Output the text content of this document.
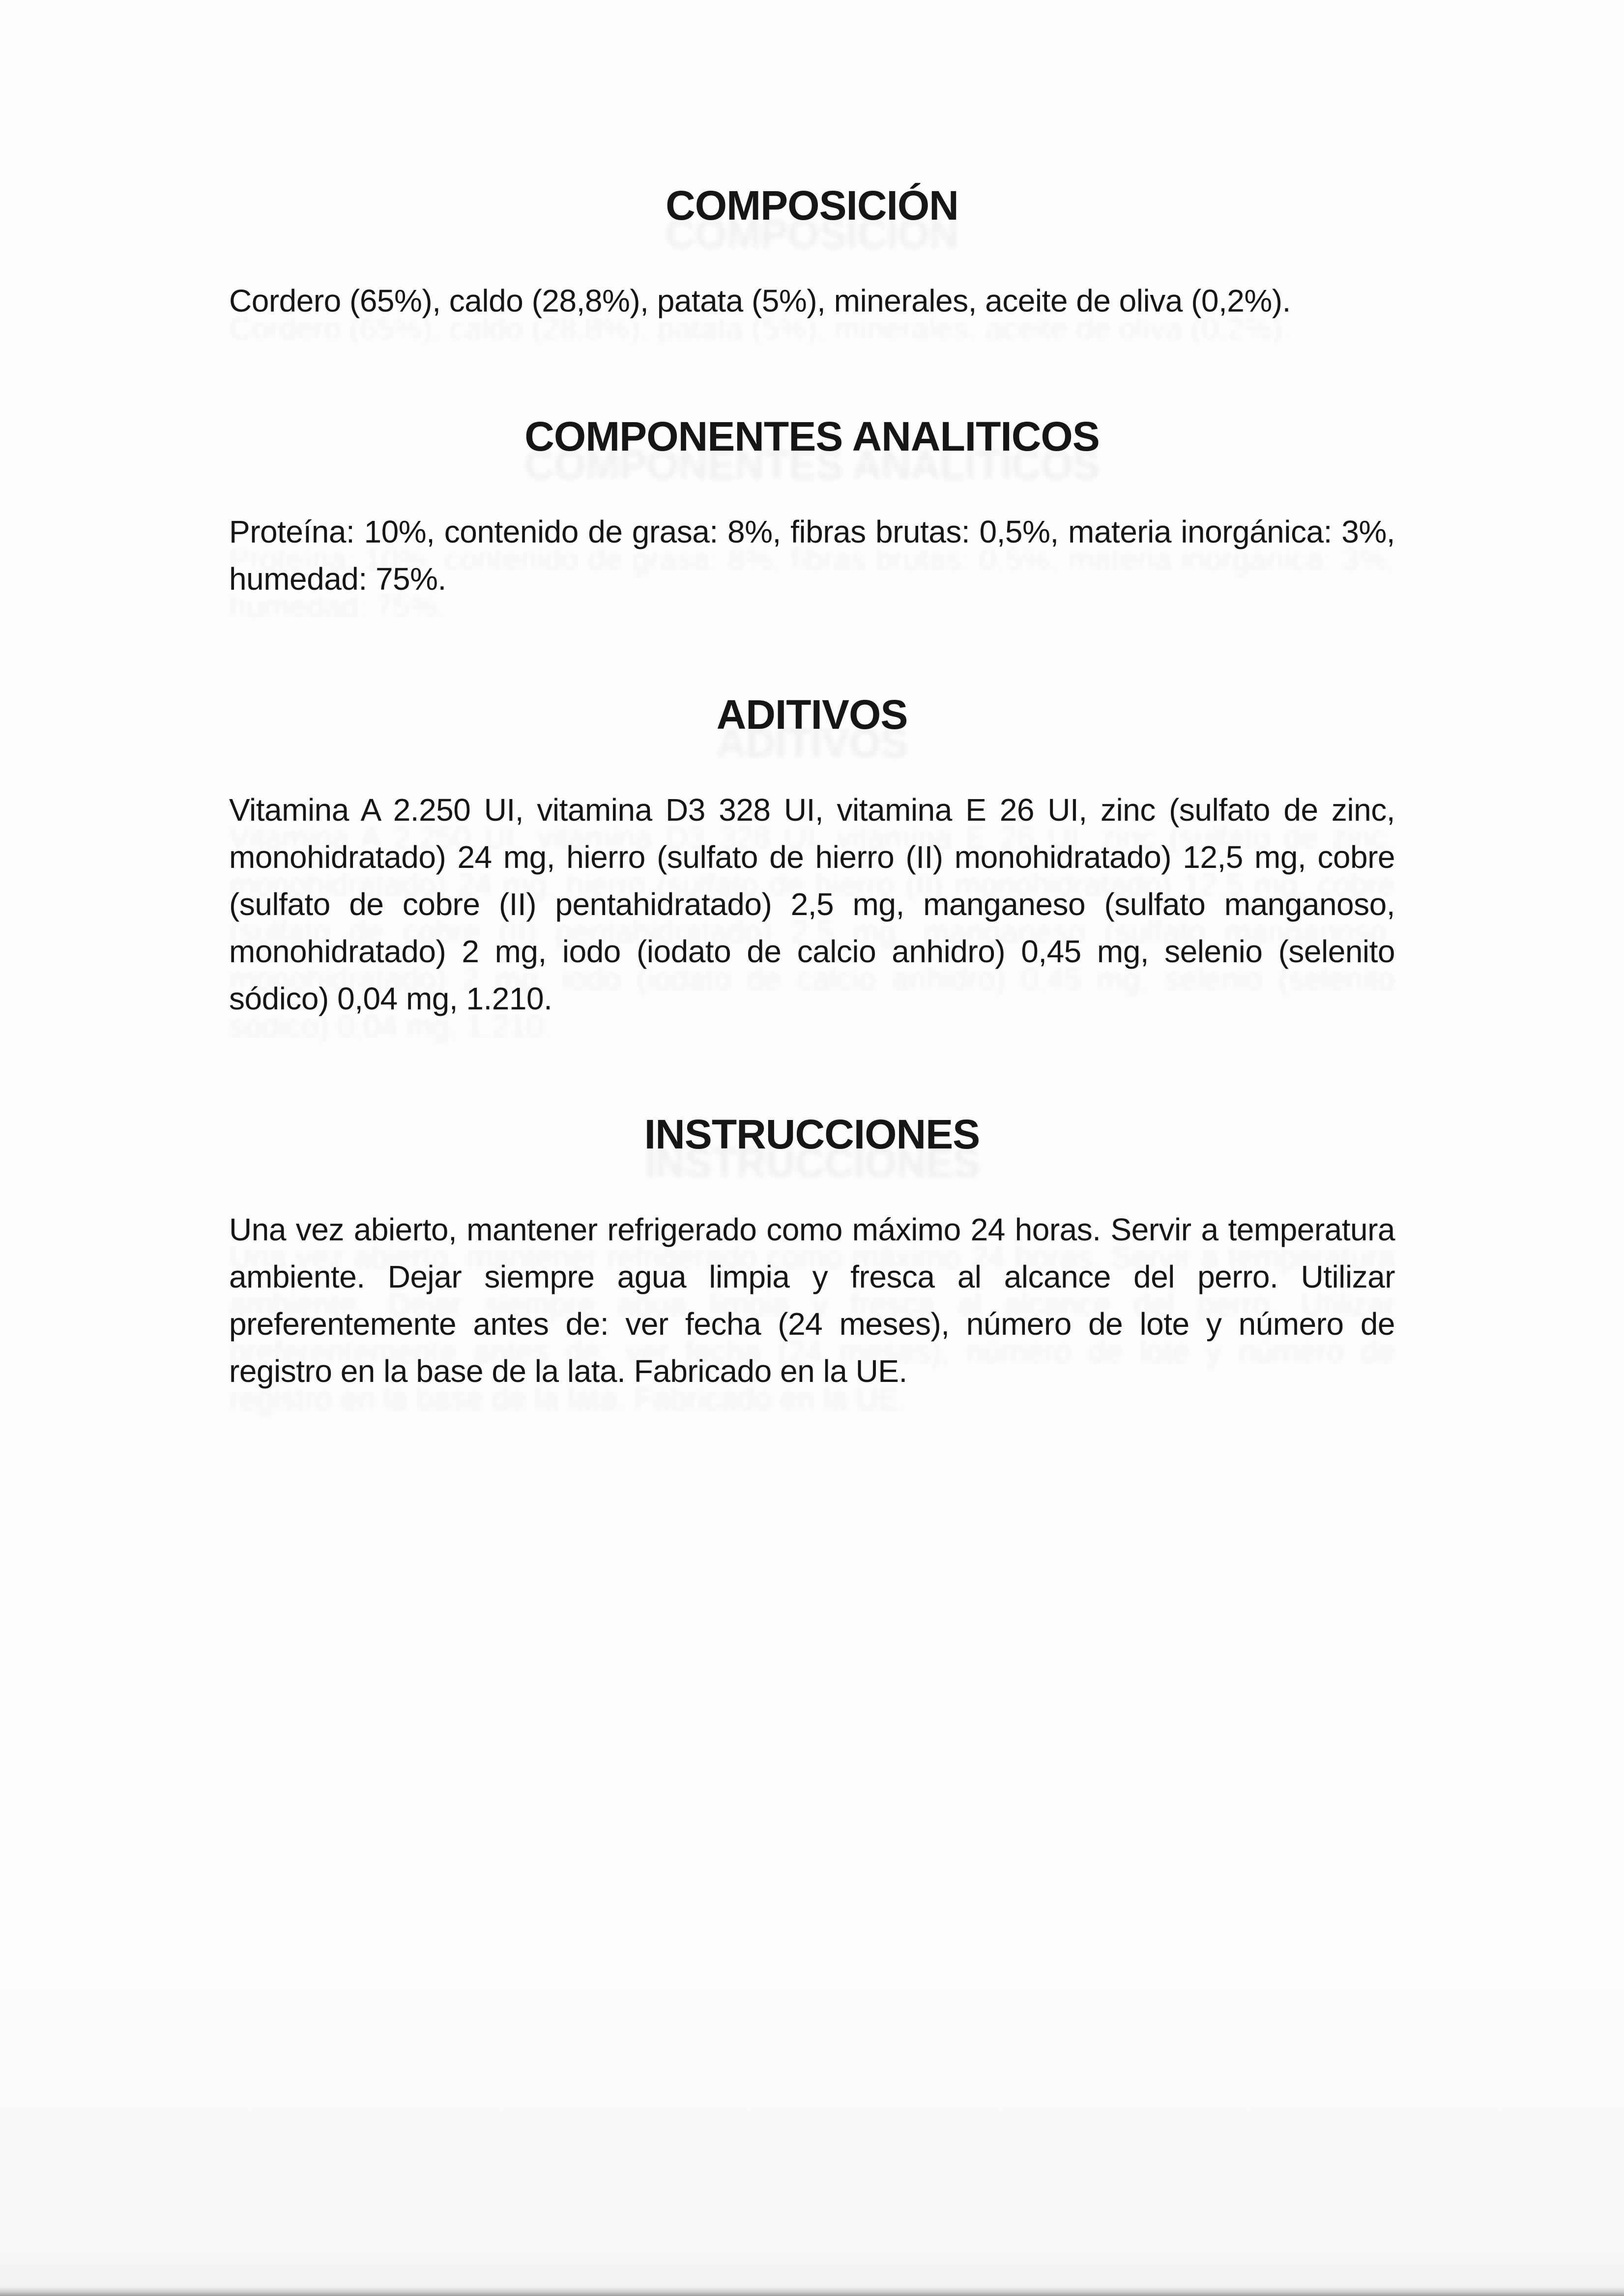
COMPOSICIÓN

Cordero (65%), caldo (28,8%), patata (5%), minerales, aceite de oliva (0,2%).

COMPONENTES ANALITICOS

Proteína: 10%, contenido de grasa: 8%, fibras brutas: 0,5%, materia inorgánica: 3%, humedad: 75%.

ADITIVOS

Vitamina A 2.250 UI, vitamina D3 328 UI, vitamina E 26 UI, zinc (sulfato de zinc, monohidratado) 24 mg, hierro (sulfato de hierro (II) monohidratado) 12,5 mg, cobre (sulfato de cobre (II) pentahidratado) 2,5 mg, manganeso (sulfato manganoso, monohidratado) 2 mg, iodo (iodato de calcio anhidro) 0,45 mg, selenio (selenito sódico) 0,04 mg, 1.210.

INSTRUCCIONES

Una vez abierto, mantener refrigerado como máximo 24 horas. Servir a temperatura ambiente. Dejar siempre agua limpia y fresca al alcance del perro. Utilizar preferentemente antes de: ver fecha (24 meses), número de lote y número de registro en la base de la lata. Fabricado en la UE.
